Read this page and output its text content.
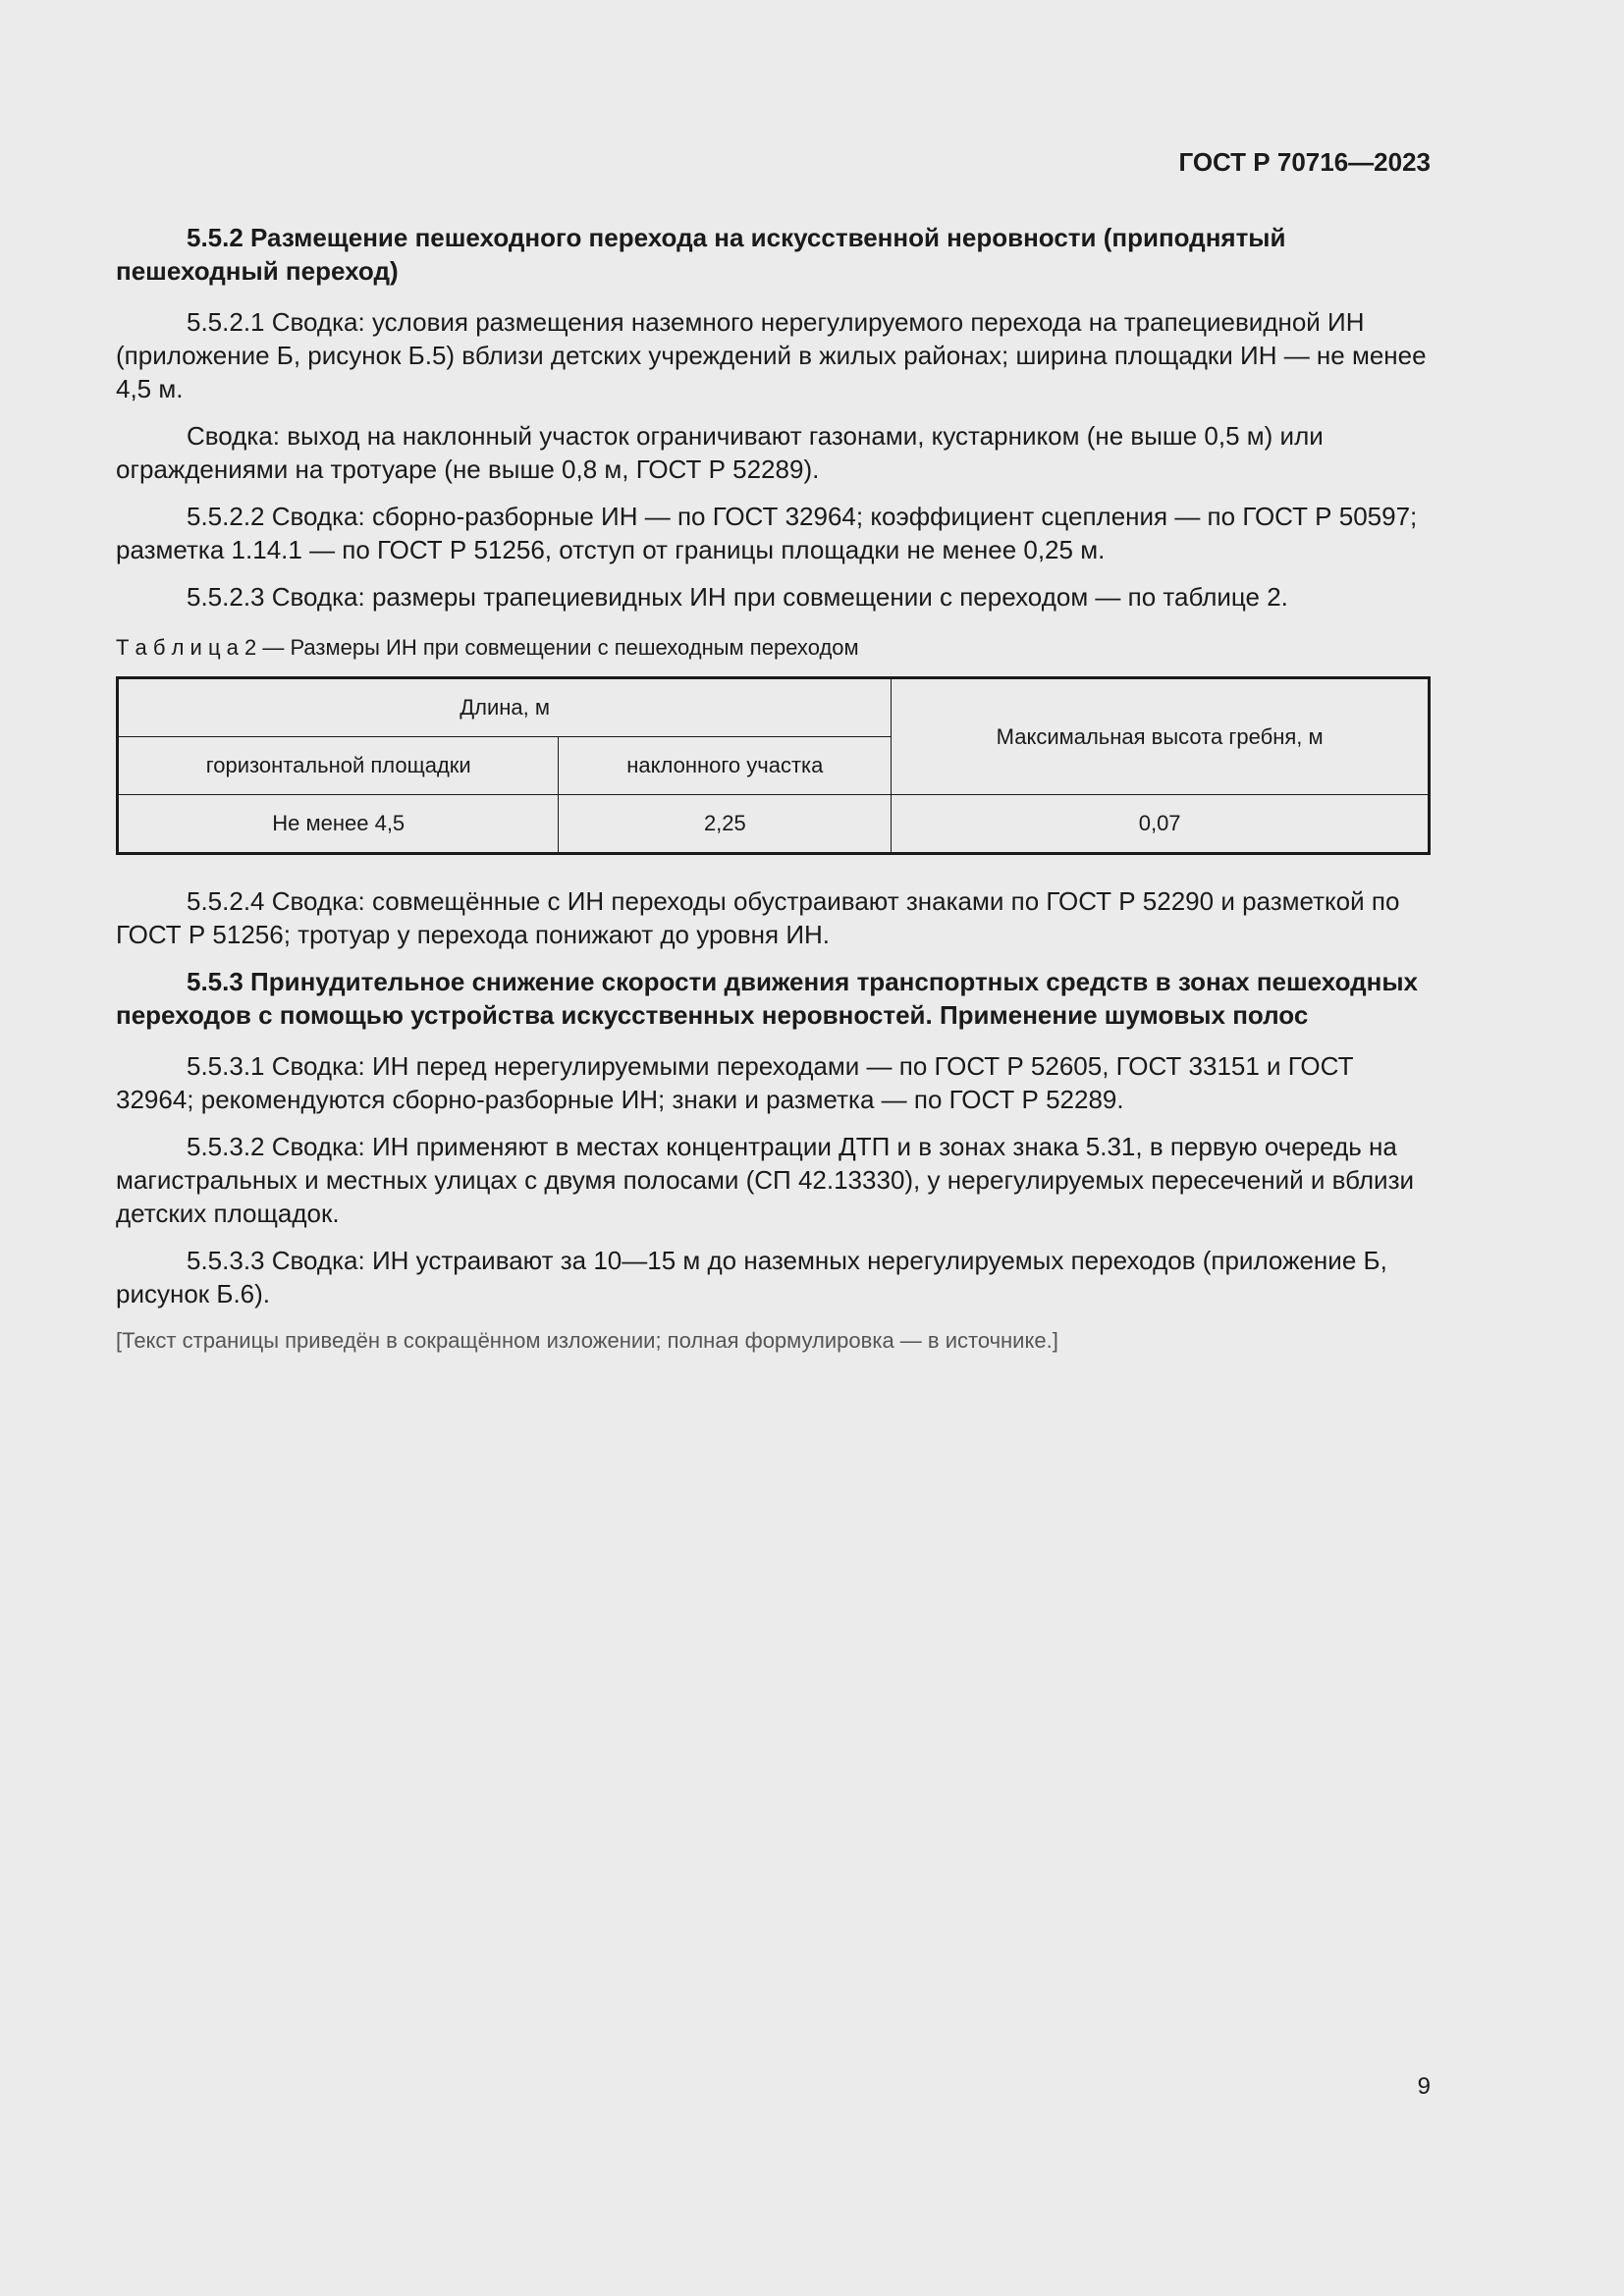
ГОСТ Р 70716—2023
5.5.2 Размещение пешеходного перехода на искусственной неровности (приподнятый пешеходный переход)

5.5.2.1 Сводка: условия размещения наземного нерегулируемого перехода на трапециевидной ИН (приложение Б, рисунок Б.5) вблизи детских учреждений в жилых районах; ширина площадки ИН — не менее 4,5 м.

Сводка: выход на наклонный участок ограничивают газонами, кустарником (не выше 0,5 м) или ограждениями на тротуаре (не выше 0,8 м, ГОСТ Р 52289).

5.5.2.2 Сводка: сборно-разборные ИН — по ГОСТ 32964; коэффициент сцепления — по ГОСТ Р 50597; разметка 1.14.1 — по ГОСТ Р 51256, отступ от границы площадки не менее 0,25 м.

5.5.2.3 Сводка: размеры трапециевидных ИН при совмещении с переходом — по таблице 2.

Т а б л и ц а 2 — Размеры ИН при совмещении с пешеходным переходом
Длина, м		Максимальная высота гребня, м
горизонтальной площадки	наклонного участка	
Не менее 4,5	2,25	0,07

5.5.2.4 Сводка: совмещённые с ИН переходы обустраивают знаками по ГОСТ Р 52290 и разметкой по ГОСТ Р 51256; тротуар у перехода понижают до уровня ИН.

5.5.3 Принудительное снижение скорости движения транспортных средств в зонах пешеходных переходов с помощью устройства искусственных неровностей. Применение шумовых полос

5.5.3.1 Сводка: ИН перед нерегулируемыми переходами — по ГОСТ Р 52605, ГОСТ 33151 и ГОСТ 32964; рекомендуются сборно-разборные ИН; знаки и разметка — по ГОСТ Р 52289.

5.5.3.2 Сводка: ИН применяют в местах концентрации ДТП и в зонах знака 5.31, в первую очередь на магистральных и местных улицах с двумя полосами (СП 42.13330), у нерегулируемых пересечений и вблизи детских площадок.

5.5.3.3 Сводка: ИН устраивают за 10—15 м до наземных нерегулируемых переходов (приложение Б, рисунок Б.6).

[Текст страницы приведён в сокращённом изложении; полная формулировка — в источнике.]

9
